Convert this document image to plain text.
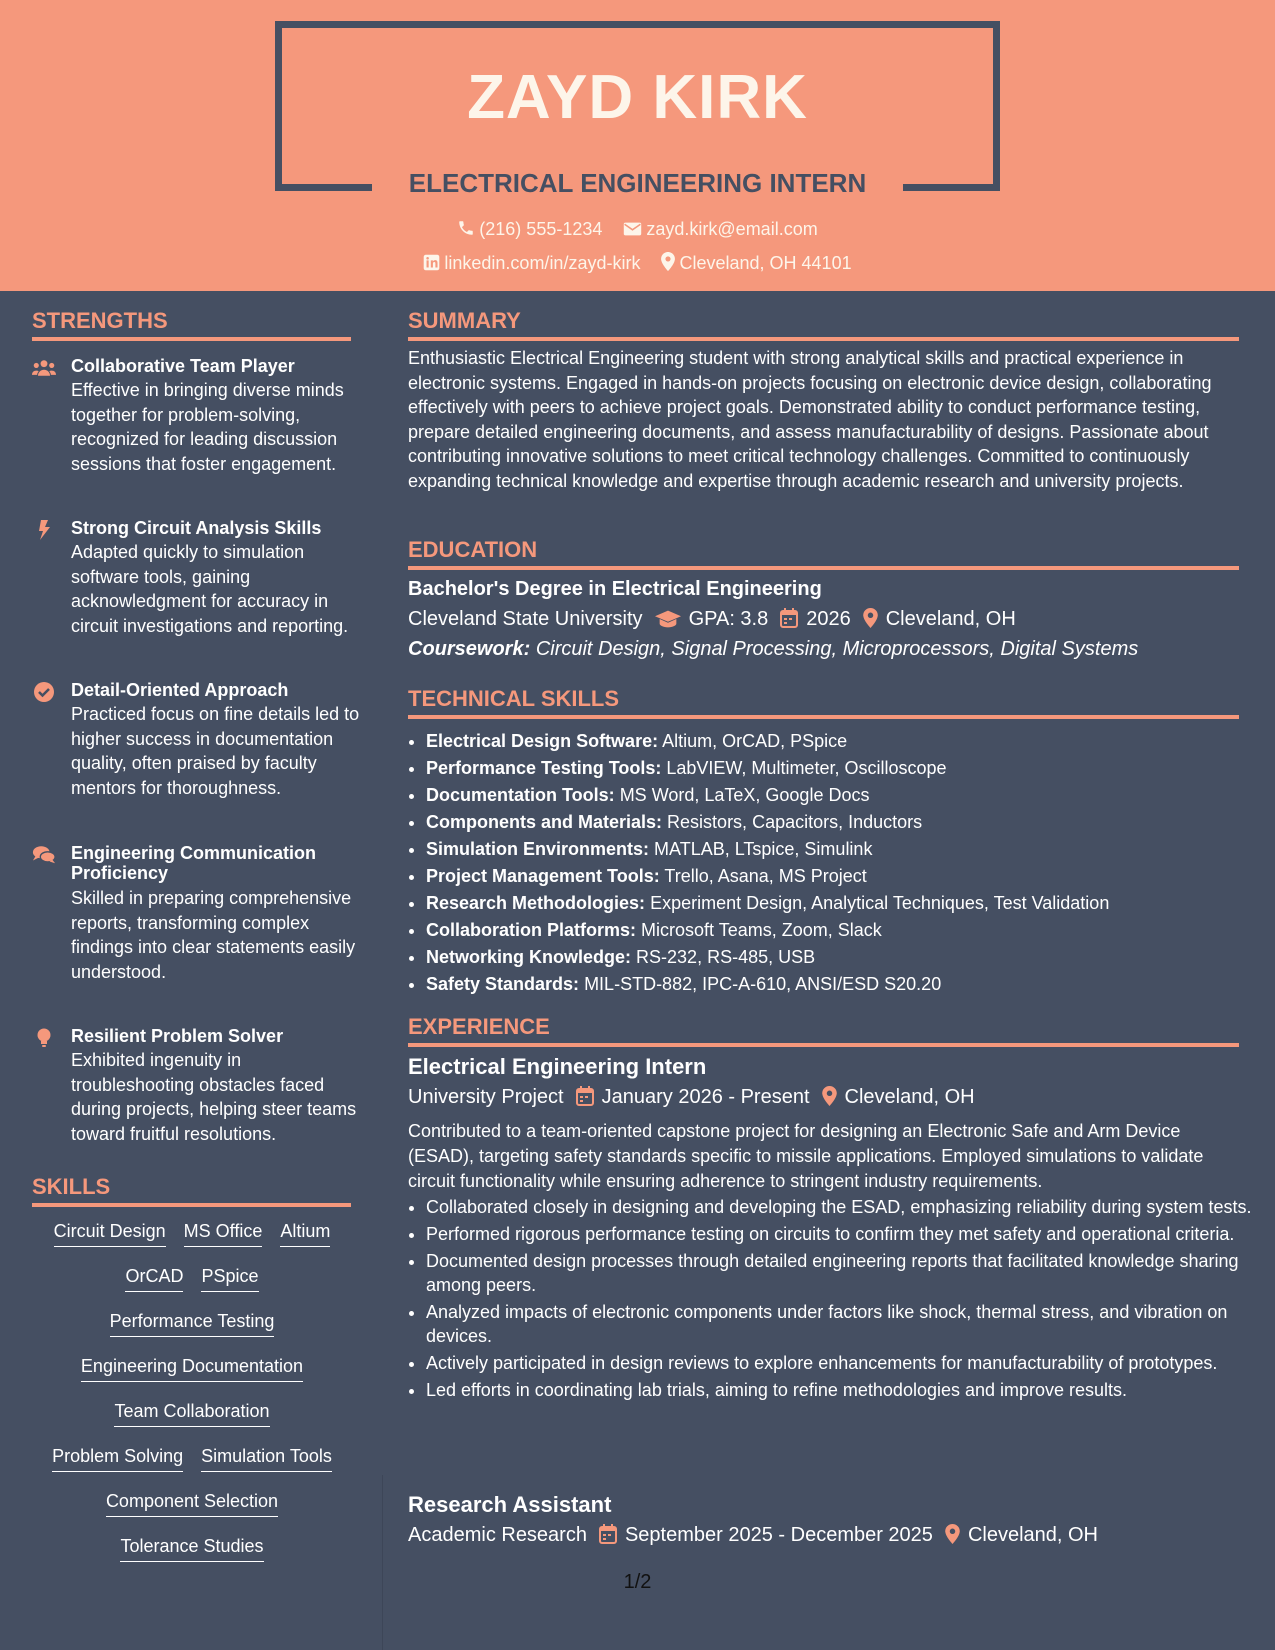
ZAYD KIRK
ELECTRICAL ENGINEERING INTERN
(216) 555-1234 zayd.kirk@email.com
linkedin.com/in/zayd-kirk Cleveland, OH 44101
STRENGTHS
Collaborative Team Player
Effective in bringing diverse minds together for problem-solving, recognized for leading discussion sessions that foster engagement.
Strong Circuit Analysis Skills
Adapted quickly to simulation software tools, gaining acknowledgment for accuracy in circuit investigations and reporting.
Detail-Oriented Approach
Practiced focus on fine details led to higher success in documentation quality, often praised by faculty mentors for thoroughness.
Engineering Communication Proficiency
Skilled in preparing comprehensive reports, transforming complex findings into clear statements easily understood.
Resilient Problem Solver
Exhibited ingenuity in troubleshooting obstacles faced during projects, helping steer teams toward fruitful resolutions.
SKILLS
Circuit Design MS Office Altium
OrCAD PSpice
Performance Testing
Engineering Documentation
Team Collaboration
Problem Solving Simulation Tools
Component Selection
Tolerance Studies
SUMMARY
Enthusiastic Electrical Engineering student with strong analytical skills and practical experience in electronic systems. Engaged in hands-on projects focusing on electronic device design, collaborating effectively with peers to achieve project goals. Demonstrated ability to conduct performance testing, prepare detailed engineering documents, and assess manufacturability of designs. Passionate about contributing innovative solutions to meet critical technology challenges. Committed to continuously expanding technical knowledge and expertise through academic research and university projects.
EDUCATION
Bachelor's Degree in Electrical Engineering
Cleveland State University GPA: 3.8 2026 Cleveland, OH
Coursework: Circuit Design, Signal Processing, Microprocessors, Digital Systems
TECHNICAL SKILLS
• Electrical Design Software: Altium, OrCAD, PSpice
• Performance Testing Tools: LabVIEW, Multimeter, Oscilloscope
• Documentation Tools: MS Word, LaTeX, Google Docs
• Components and Materials: Resistors, Capacitors, Inductors
• Simulation Environments: MATLAB, LTspice, Simulink
• Project Management Tools: Trello, Asana, MS Project
• Research Methodologies: Experiment Design, Analytical Techniques, Test Validation
• Collaboration Platforms: Microsoft Teams, Zoom, Slack
• Networking Knowledge: RS-232, RS-485, USB
• Safety Standards: MIL-STD-882, IPC-A-610, ANSI/ESD S20.20
EXPERIENCE
Electrical Engineering Intern
University Project January 2026 - Present Cleveland, OH
Contributed to a team-oriented capstone project for designing an Electronic Safe and Arm Device (ESAD), targeting safety standards specific to missile applications. Employed simulations to validate circuit functionality while ensuring adherence to stringent industry requirements.
• Collaborated closely in designing and developing the ESAD, emphasizing reliability during system tests.
• Performed rigorous performance testing on circuits to confirm they met safety and operational criteria.
• Documented design processes through detailed engineering reports that facilitated knowledge sharing among peers.
• Analyzed impacts of electronic components under factors like shock, thermal stress, and vibration on devices.
• Actively participated in design reviews to explore enhancements for manufacturability of prototypes.
• Led efforts in coordinating lab trials, aiming to refine methodologies and improve results.
Research Assistant
Academic Research September 2025 - December 2025 Cleveland, OH
1/2
